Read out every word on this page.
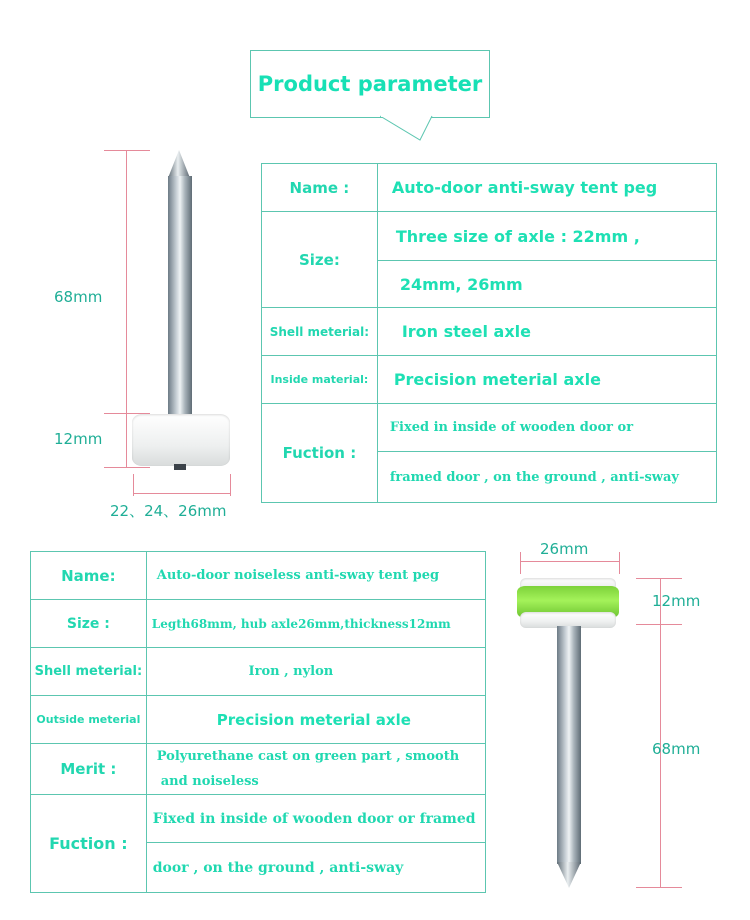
Product parameter
68mm
12mm
22、24、26mm
Name :	Auto-door anti-sway tent peg
Size:	Three size of axle : 22mm ,
	24mm, 26mm
Shell meterial:	Iron steel axle
Inside material:	Precision meterial axle
Fuction :	Fixed in inside of wooden door or
	framed door , on the ground , anti-sway
Name:	Auto-door noiseless anti-sway tent peg
Size :	Legth68mm, hub axle26mm,thickness12mm
Shell meterial:	Iron , nylon
Outside meterial	Precision meterial axle
Merit :	Polyurethane cast on green part , smooth
and noiseless

Fuction :	Fixed in inside of wooden door or framed
	door , on the ground , anti-sway
26mm
12mm
68mm
